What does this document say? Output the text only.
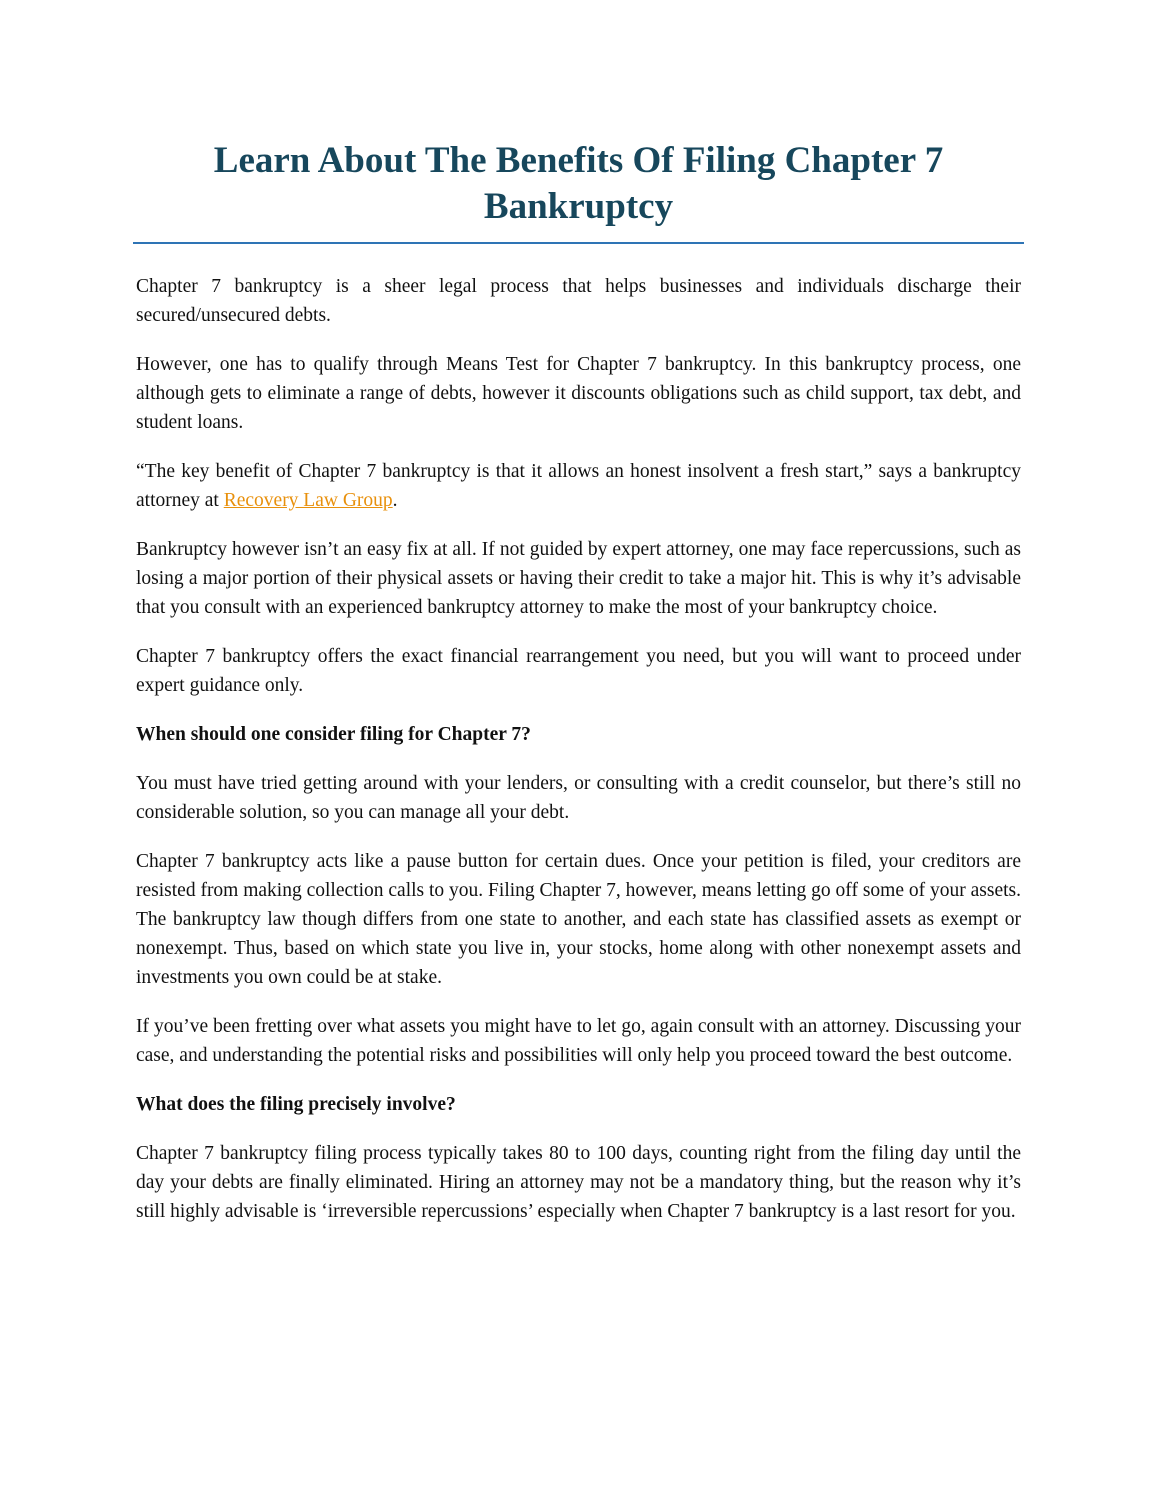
Learn About The Benefits Of Filing Chapter 7 Bankruptcy

Chapter 7 bankruptcy is a sheer legal process that helps businesses and individuals discharge their secured/unsecured debts.

However, one has to qualify through Means Test for Chapter 7 bankruptcy. In this bankruptcy process, one although gets to eliminate a range of debts, however it discounts obligations such as child support, tax debt, and student loans.

“The key benefit of Chapter 7 bankruptcy is that it allows an honest insolvent a fresh start,” says a bankruptcy attorney at Recovery Law Group.

Bankruptcy however isn’t an easy fix at all. If not guided by expert attorney, one may face repercussions, such as losing a major portion of their physical assets or having their credit to take a major hit. This is why it’s advisable that you consult with an experienced bankruptcy attorney to make the most of your bankruptcy choice.

Chapter 7 bankruptcy offers the exact financial rearrangement you need, but you will want to proceed under expert guidance only.

When should one consider filing for Chapter 7?

You must have tried getting around with your lenders, or consulting with a credit counselor, but there’s still no considerable solution, so you can manage all your debt.

Chapter 7 bankruptcy acts like a pause button for certain dues. Once your petition is filed, your creditors are resisted from making collection calls to you. Filing Chapter 7, however, means letting go off some of your assets. The bankruptcy law though differs from one state to another, and each state has classified assets as exempt or nonexempt. Thus, based on which state you live in, your stocks, home along with other nonexempt assets and investments you own could be at stake.

If you’ve been fretting over what assets you might have to let go, again consult with an attorney. Discussing your case, and understanding the potential risks and possibilities will only help you proceed toward the best outcome.

What does the filing precisely involve?

Chapter 7 bankruptcy filing process typically takes 80 to 100 days, counting right from the filing day until the day your debts are finally eliminated. Hiring an attorney may not be a mandatory thing, but the reason why it’s still highly advisable is ‘irreversible repercussions’ especially when Chapter 7 bankruptcy is a last resort for you.
